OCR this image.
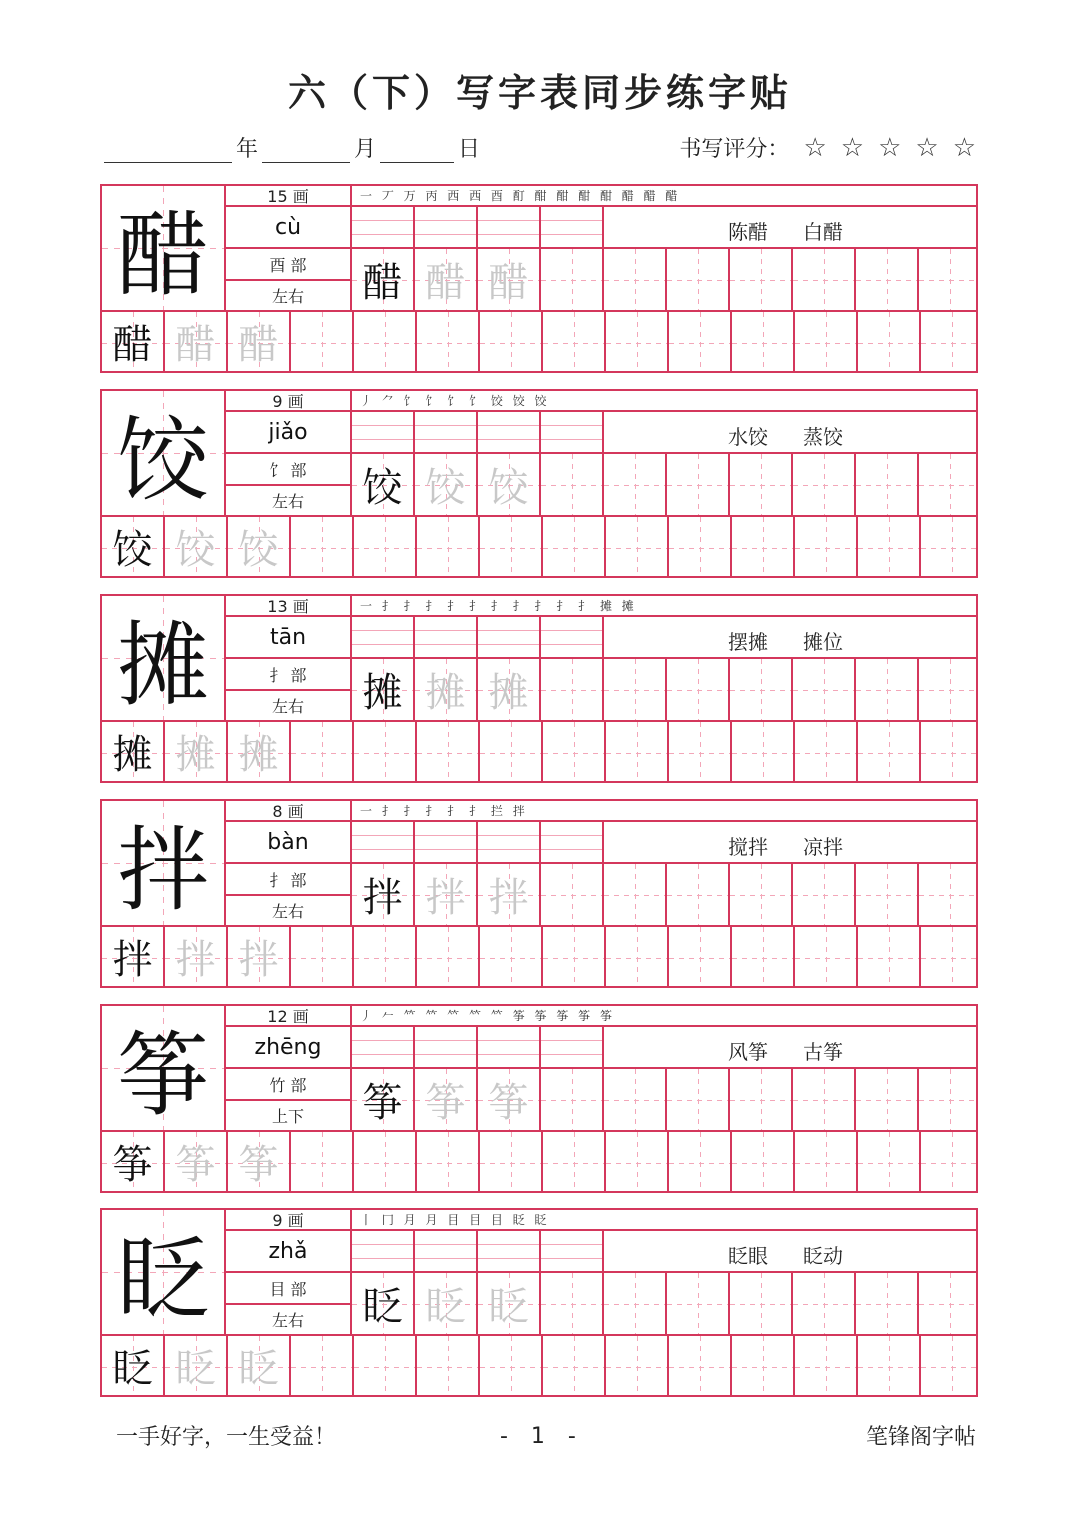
六（下）写字表同步练字贴
年	月	日	书写评分： ☆ ☆ ☆ ☆ ☆
醋
15 画
cù
酉 部
左右
一 丆 万 丙 西 西 酉 酊 酣 酣 酣 酣 醋 醋 醋
陈醋 白醋
醋 醋 醋
醋 醋 醋
饺
9 画
jiǎo
饣 部
左右
丿 ⺈ 饣 饣 饣 饣 饺 饺 饺
水饺 蒸饺
饺 饺 饺
饺 饺 饺
摊
13 画
tān
扌 部
左右
一 扌 扌 扌 扌 扌 扌 扌 扌 扌 扌 摊 摊
摆摊 摊位
摊 摊 摊
摊 摊 摊
拌
8 画
bàn
扌 部
左右
一 扌 扌 扌 扌 扌 拦 拌
搅拌 凉拌
拌 拌 拌
拌 拌 拌
筝
12 画
zhēng
竹 部
上下
丿 𠂉 𥫗 𥫗 𥫗 𥫗 𥫗 筝 筝 筝 筝 筝
风筝 古筝
筝 筝 筝
筝 筝 筝
眨
9 画
zhǎ
目 部
左右
丨 冂 月 月 目 目 目 眨 眨
眨眼 眨动
眨 眨 眨
眨 眨 眨
一手好字，一生受益！	- 1 -	笔锋阁字帖
